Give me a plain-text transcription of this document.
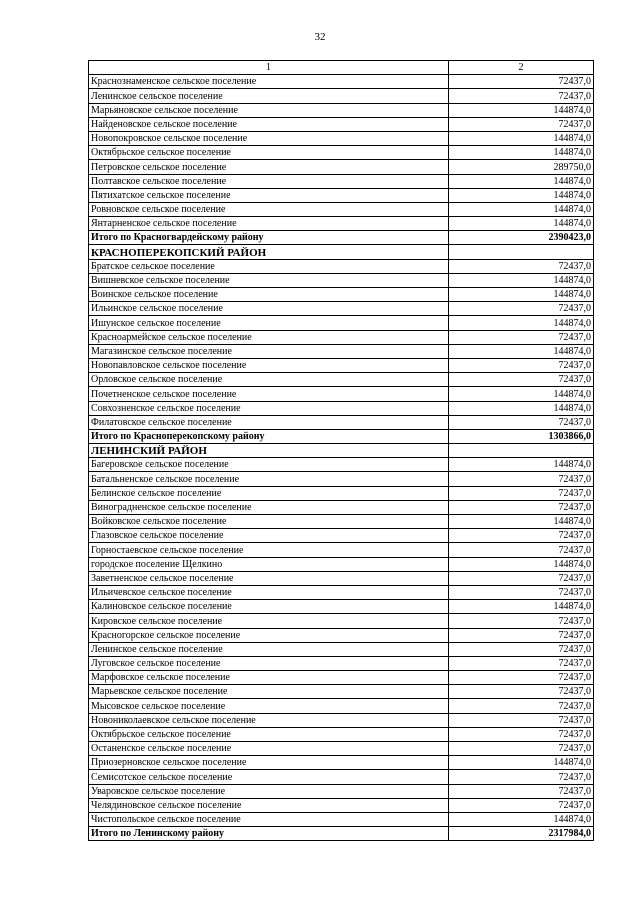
32
1	2
Краснознаменское сельское поселение	72437,0
Ленинское сельское поселение	72437,0
Марьяновское сельское поселение	144874,0
Найденовское сельское поселение	72437,0
Новопокровское сельское поселение	144874,0
Октябрьское сельское поселение	144874,0
Петровское сельское поселение	289750,0
Полтавское сельское поселение	144874,0
Пятихатское сельское поселение	144874,0
Ровновское сельское поселение	144874,0
Янтарненское сельское поселение	144874,0
Итого по Красногвардейскому району	2390423,0
КРАСНОПЕРЕКОПСКИЙ РАЙОН	
Братское сельское поселение	72437,0
Вишневское сельское поселение	144874,0
Воинское сельское поселение	144874,0
Ильинское сельское поселение	72437,0
Ишунское сельское поселение	144874,0
Красноармейское сельское поселение	72437,0
Магазинское сельское поселение	144874,0
Новопавловское сельское поселение	72437,0
Орловское сельское поселение	72437,0
Почетненское сельское поселение	144874,0
Совхозненское сельское поселение	144874,0
Филатовское сельское поселение	72437,0
Итого по Красноперекопскому району	1303866,0
ЛЕНИНСКИЙ РАЙОН	
Багеровское сельское поселение	144874,0
Батальненское сельское поселение	72437,0
Белинское сельское поселение	72437,0
Виноградненское сельское поселение	72437,0
Войковское сельское поселение	144874,0
Глазовское сельское поселение	72437,0
Горностаевское сельское поселение	72437,0
городское поселение Щелкино	144874,0
Заветненское сельское поселение	72437,0
Ильичевское сельское поселение	72437,0
Калиновское сельское поселение	144874,0
Кировское сельское поселение	72437,0
Красногорское сельское поселение	72437,0
Ленинское сельское поселение	72437,0
Луговское сельское поселение	72437,0
Марфовское сельское поселение	72437,0
Марьевское сельское поселение	72437,0
Мысовское сельское поселение	72437,0
Новониколаевское сельское поселение	72437,0
Октябрьское сельское поселение	72437,0
Останенское сельское поселение	72437,0
Приозерновское сельское поселение	144874,0
Семисотское сельское поселение	72437,0
Уваровское сельское поселение	72437,0
Челядиновское сельское поселение	72437,0
Чистопольское сельское поселение	144874,0
Итого по Ленинскому району	2317984,0
